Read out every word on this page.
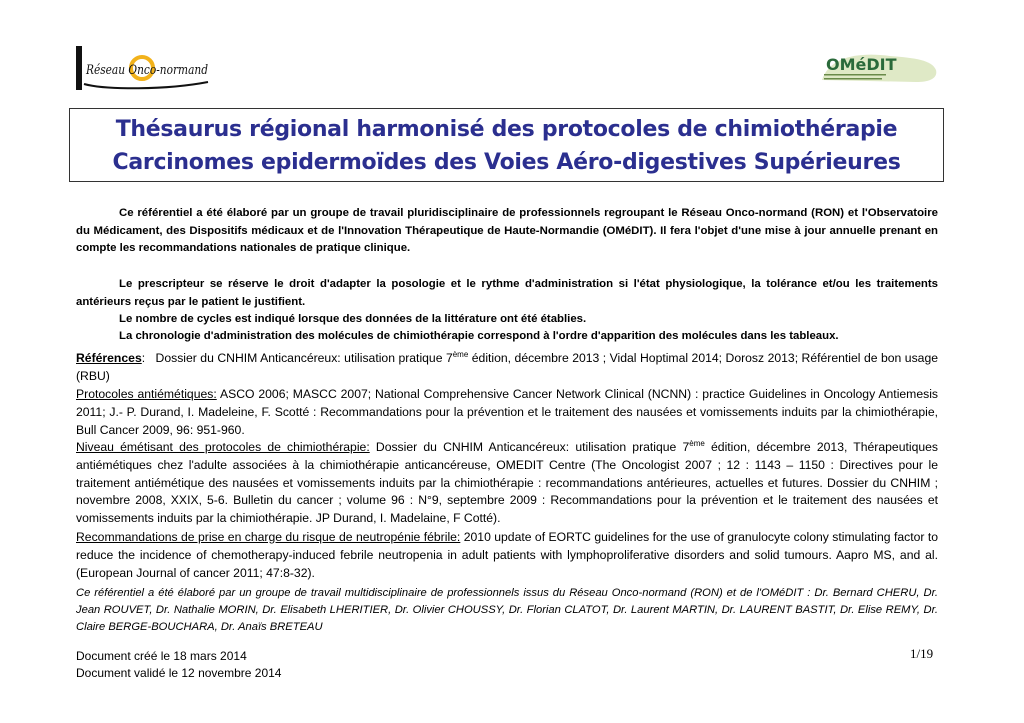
Réseau Onco-normand	OMéDIT
Thésaurus régional harmonisé des protocoles de chimiothérapie
Carcinomes epidermoïdes des Voies Aéro-digestives Supérieures
Ce référentiel a été élaboré par un groupe de travail pluridisciplinaire de professionnels regroupant le Réseau Onco-normand (RON) et l'Observatoire du Médicament, des Dispositifs médicaux et de l'Innovation Thérapeutique de Haute-Normandie (OMéDIT). Il fera l'objet d'une mise à jour annuelle prenant en compte les recommandations nationales de pratique clinique.
Le prescripteur se réserve le droit d'adapter la posologie et le rythme d'administration si l'état physiologique, la tolérance et/ou les traitements antérieurs reçus par le patient le justifient.
Le nombre de cycles est indiqué lorsque des données de la littérature ont été établies.
La chronologie d'administration des molécules de chimiothérapie correspond à l'ordre d'apparition des molécules dans les tableaux.
Références: Dossier du CNHIM Anticancéreux: utilisation pratique 7ème édition, décembre 2013 ; Vidal Hoptimal 2014; Dorosz 2013; Référentiel de bon usage (RBU)
Protocoles antiémétiques: ASCO 2006; MASCC 2007; National Comprehensive Cancer Network Clinical (NCNN) : practice Guidelines in Oncology Antiemesis 2011; J.- P. Durand, I. Madeleine, F. Scotté : Recommandations pour la prévention et le traitement des nausées et vomissements induits par la chimiothérapie, Bull Cancer 2009, 96: 951-960.
Niveau émétisant des protocoles de chimiothérapie: Dossier du CNHIM Anticancéreux: utilisation pratique 7ème édition, décembre 2013, Thérapeutiques antiémétiques chez l'adulte associées à la chimiothérapie anticancéreuse, OMEDIT Centre (The Oncologist 2007 ; 12 : 1143 – 1150 : Directives pour le traitement antiémétique des nausées et vomissements induits par la chimiothérapie : recommandations antérieures, actuelles et futures. Dossier du CNHIM ; novembre 2008, XXIX, 5-6. Bulletin du cancer ; volume 96 : N°9, septembre 2009 : Recommandations pour la prévention et le traitement des nausées et vomissements induits par la chimiothérapie. JP Durand, I. Madelaine, F Cotté).
Recommandations de prise en charge du risque de neutropénie fébrile: 2010 update of EORTC guidelines for the use of granulocyte colony stimulating factor to reduce the incidence of chemotherapy-induced febrile neutropenia in adult patients with lymphoproliferative disorders and solid tumours. Aapro MS, and al. (European Journal of cancer 2011; 47:8-32).
Ce référentiel a été élaboré par un groupe de travail multidisciplinaire de professionnels issus du Réseau Onco-normand (RON) et de l'OMéDIT : Dr. Bernard CHERU, Dr. Jean ROUVET, Dr. Nathalie MORIN, Dr. Elisabeth LHERITIER, Dr. Olivier CHOUSSY, Dr. Florian CLATOT, Dr. Laurent MARTIN, Dr. LAURENT BASTIT, Dr. Elise REMY, Dr. Claire BERGE-BOUCHARA, Dr. Anaïs BRETEAU
Document créé le 18 mars 2014
Document validé le 12 novembre 2014
1/19
